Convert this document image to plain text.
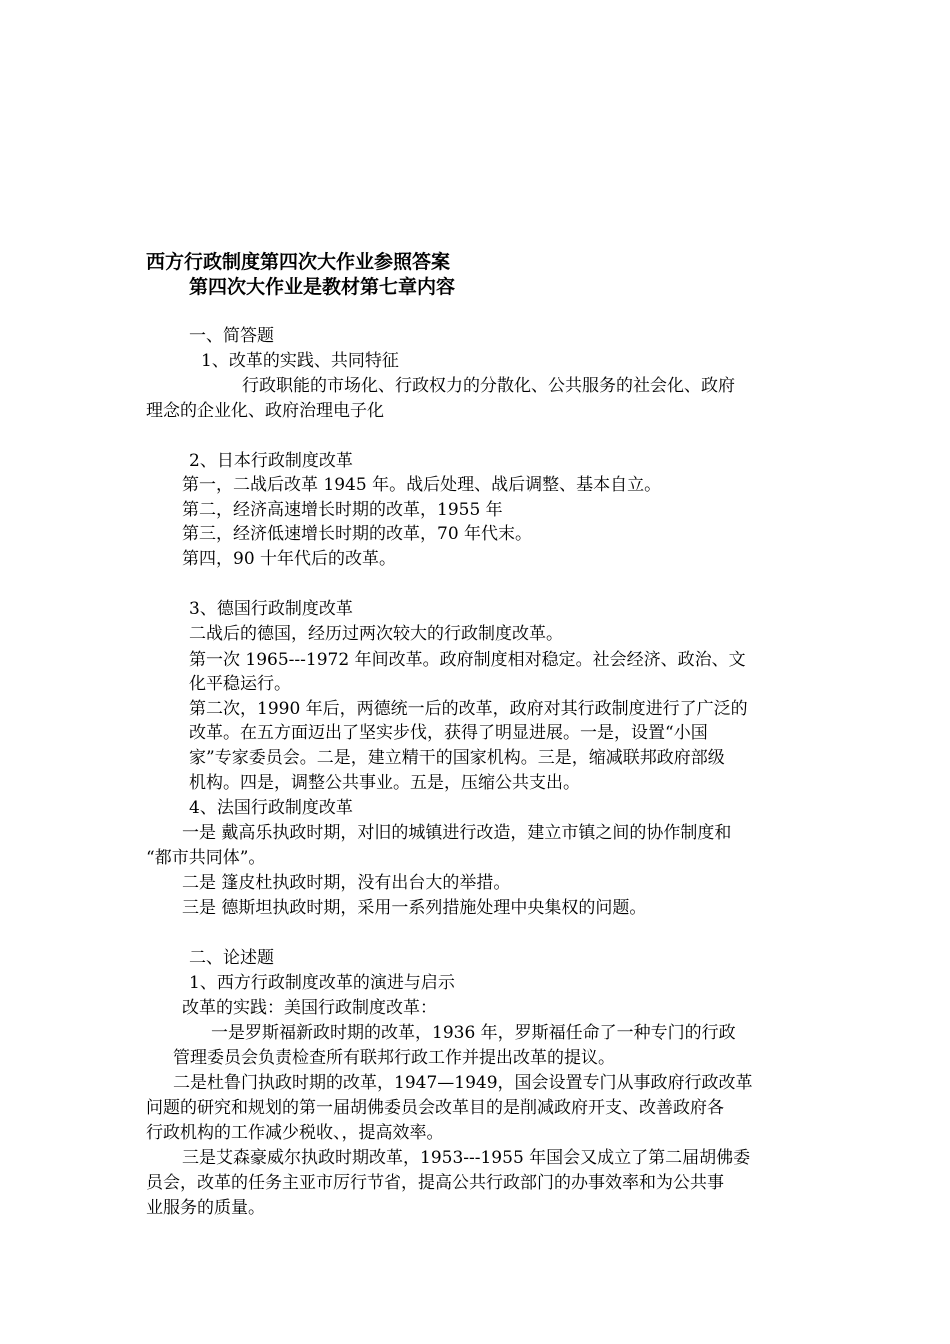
西方行政制度第四次大作业参照答案

第四次大作业是教材第七章内容

一、简答题

1、改革的实践、共同特征

行政职能的市场化、行政权力的分散化、公共服务的社会化、政府

理念的企业化、政府治理电子化

2、日本行政制度改革

第一，二战后改革 1945 年。战后处理、战后调整、基本自立。

第二，经济高速增长时期的改革，1955 年

第三，经济低速增长时期的改革，70 年代末。

第四，90 十年代后的改革。

3、德国行政制度改革

二战后的德国，经历过两次较大的行政制度改革。

第一次 1965---1972 年间改革。政府制度相对稳定。社会经济、政治、文

化平稳运行。

第二次，1990 年后，两德统一后的改革，政府对其行政制度进行了广泛的

改革。在五方面迈出了坚实步伐，获得了明显进展。一是，设置“小国

家”专家委员会。二是，建立精干的国家机构。三是，缩减联邦政府部级

机构。四是，调整公共事业。五是，压缩公共支出。

4、法国行政制度改革

一是 戴高乐执政时期，对旧的城镇进行改造，建立市镇之间的协作制度和

“都市共同体”。

二是 篷皮杜执政时期，没有出台大的举措。

三是 德斯坦执政时期，采用一系列措施处理中央集权的问题。

二、论述题

1、西方行政制度改革的演进与启示

改革的实践：美国行政制度改革：

一是罗斯福新政时期的改革，1936 年，罗斯福任命了一种专门的行政

管理委员会负责检查所有联邦行政工作并提出改革的提议。

二是杜鲁门执政时期的改革，1947—1949，国会设置专门从事政府行政改革

问题的研究和规划的第一届胡佛委员会改革目的是削减政府开支、改善政府各

行政机构的工作减少税收、，提高效率。

三是艾森豪威尔执政时期改革，1953---1955 年国会又成立了第二届胡佛委

员会，改革的任务主亚市厉行节省，提高公共行政部门的办事效率和为公共事

业服务的质量。
